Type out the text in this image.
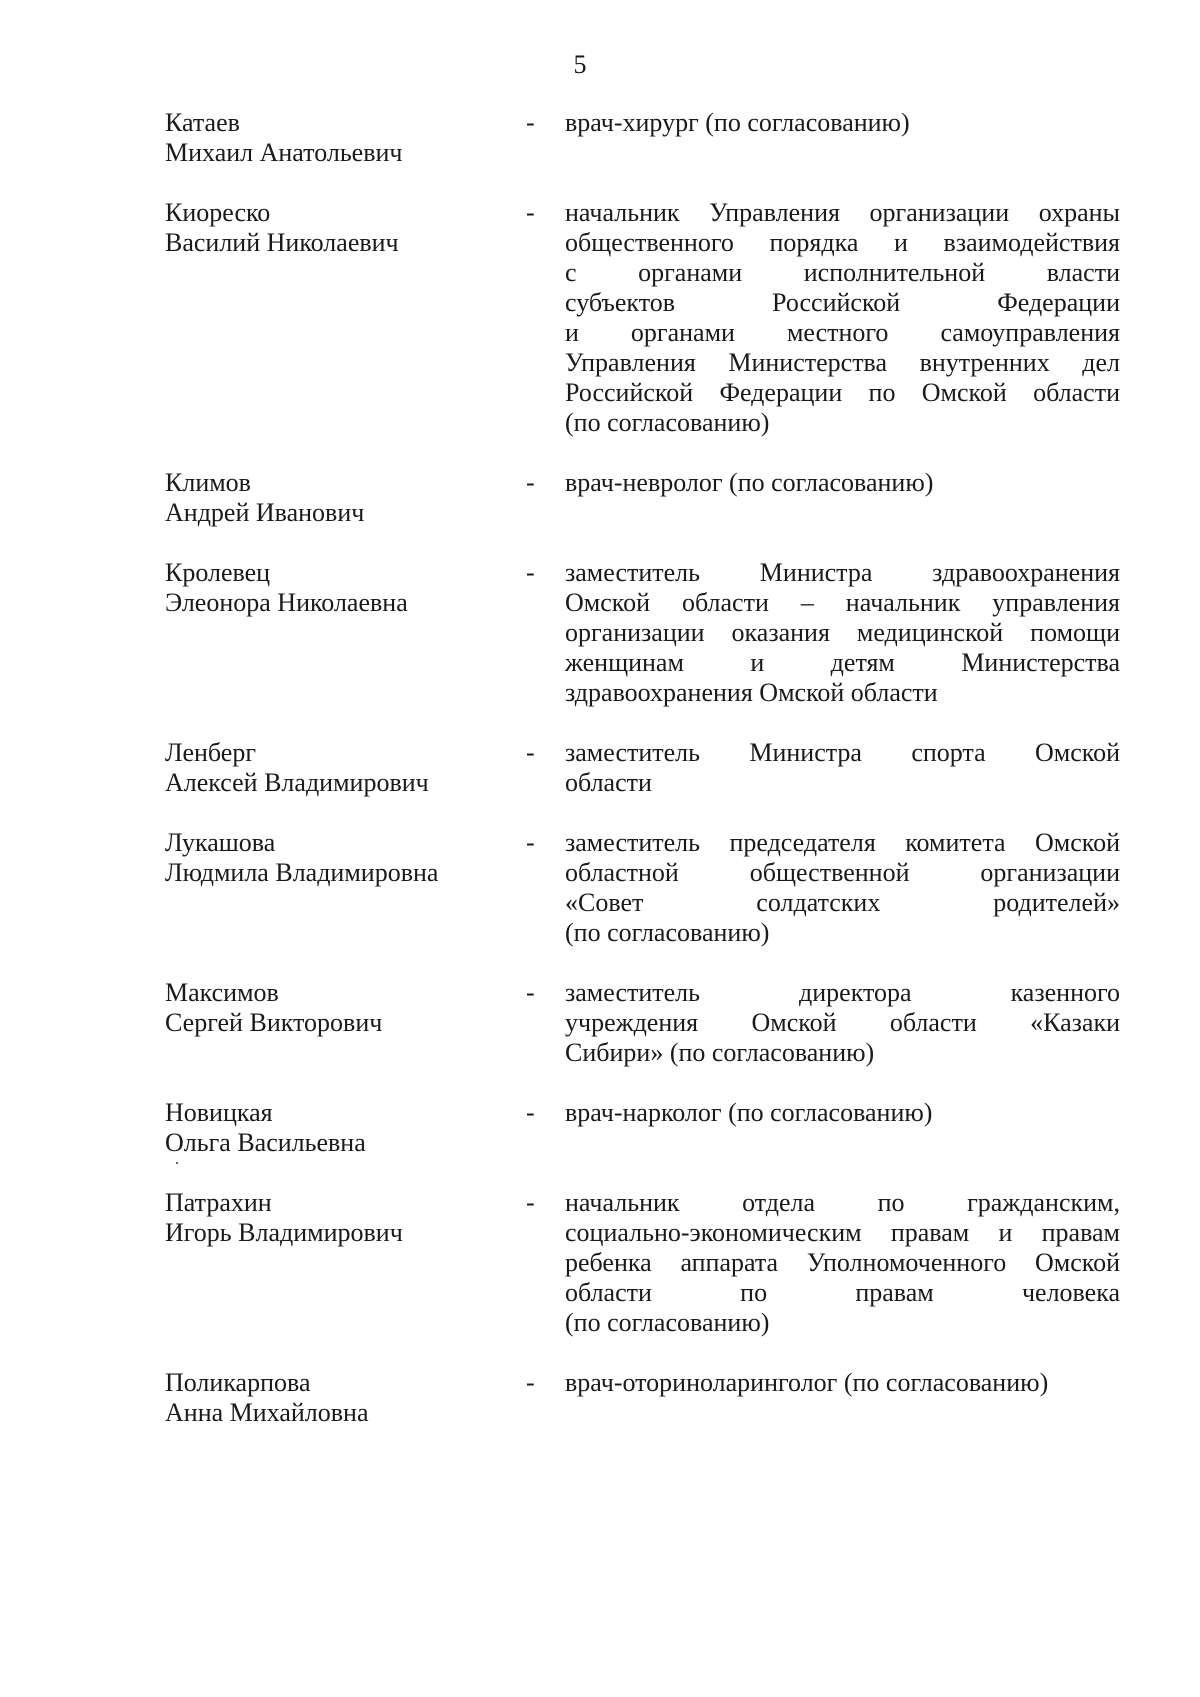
5
Катаев
Михаил Анатольевич
-	врач-хирург (по согласованию)
Киореско
Василий Николаевич
-	начальник Управления организации охраны
общественного порядка и взаимодействия
с органами исполнительной власти
субъектов Российской Федерации
и органами местного самоуправления
Управления Министерства внутренних дел
Российской Федерации по Омской области
(по согласованию)
Климов
Андрей Иванович
-	врач-невролог (по согласованию)
Кролевец
Элеонора Николаевна
-	заместитель Министра здравоохранения
Омской области – начальник управления
организации оказания медицинской помощи
женщинам и детям Министерства
здравоохранения Омской области
Ленберг
Алексей Владимирович
-	заместитель Министра спорта Омской
области
Лукашова
Людмила Владимировна
-	заместитель председателя комитета Омской
областной общественной организации
«Совет солдатских родителей»
(по согласованию)
Максимов
Сергей Викторович
-	заместитель директора казенного
учреждения Омской области «Казаки
Сибири» (по согласованию)
Новицкая
Ольга Васильевна
-	врач-нарколог (по согласованию)
Патрахин
Игорь Владимирович
-	начальник отдела по гражданским,
социально-экономическим правам и правам
ребенка аппарата Уполномоченного Омской
области по правам человека
(по согласованию)
Поликарпова
Анна Михайловна
-	врач-оториноларинголог (по согласованию)
